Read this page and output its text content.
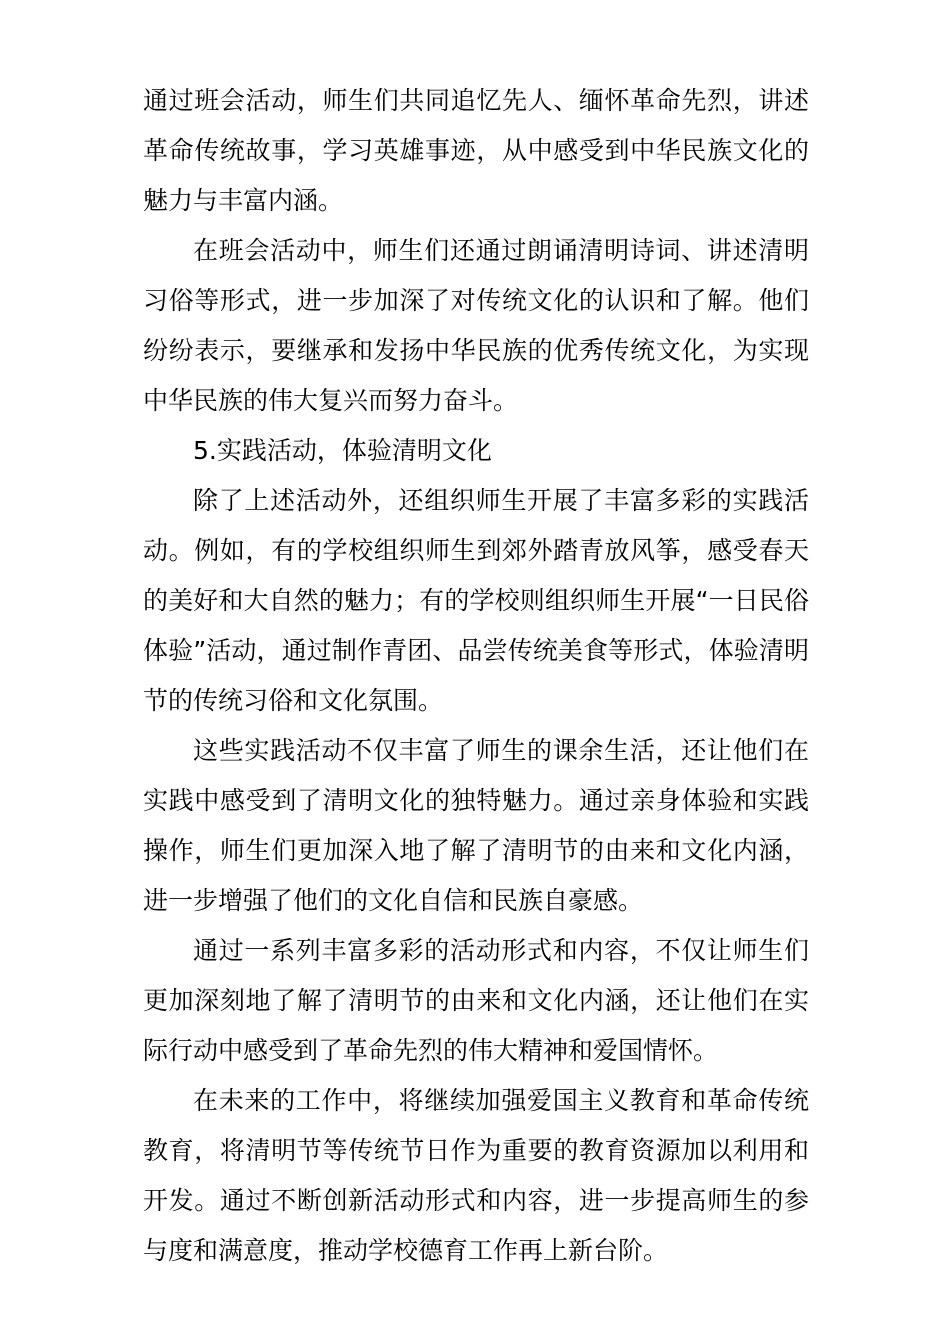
通过班会活动，师生们共同追忆先人、缅怀革命先烈，讲述革命传统故事，学习英雄事迹，从中感受到中华民族文化的魅力与丰富内涵。

在班会活动中，师生们还通过朗诵清明诗词、讲述清明习俗等形式，进一步加深了对传统文化的认识和了解。他们纷纷表示，要继承和发扬中华民族的优秀传统文化，为实现中华民族的伟大复兴而努力奋斗。

5.实践活动，体验清明文化

除了上述活动外，还组织师生开展了丰富多彩的实践活动。例如，有的学校组织师生到郊外踏青放风筝，感受春天的美好和大自然的魅力；有的学校则组织师生开展“一日民俗体验”活动，通过制作青团、品尝传统美食等形式，体验清明节的传统习俗和文化氛围。

这些实践活动不仅丰富了师生的课余生活，还让他们在实践中感受到了清明文化的独特魅力。通过亲身体验和实践操作，师生们更加深入地了解了清明节的由来和文化内涵，进一步增强了他们的文化自信和民族自豪感。

通过一系列丰富多彩的活动形式和内容，不仅让师生们更加深刻地了解了清明节的由来和文化内涵，还让他们在实际行动中感受到了革命先烈的伟大精神和爱国情怀。

在未来的工作中，将继续加强爱国主义教育和革命传统教育，将清明节等传统节日作为重要的教育资源加以利用和开发。通过不断创新活动形式和内容，进一步提高师生的参与度和满意度，推动学校德育工作再上新台阶。
